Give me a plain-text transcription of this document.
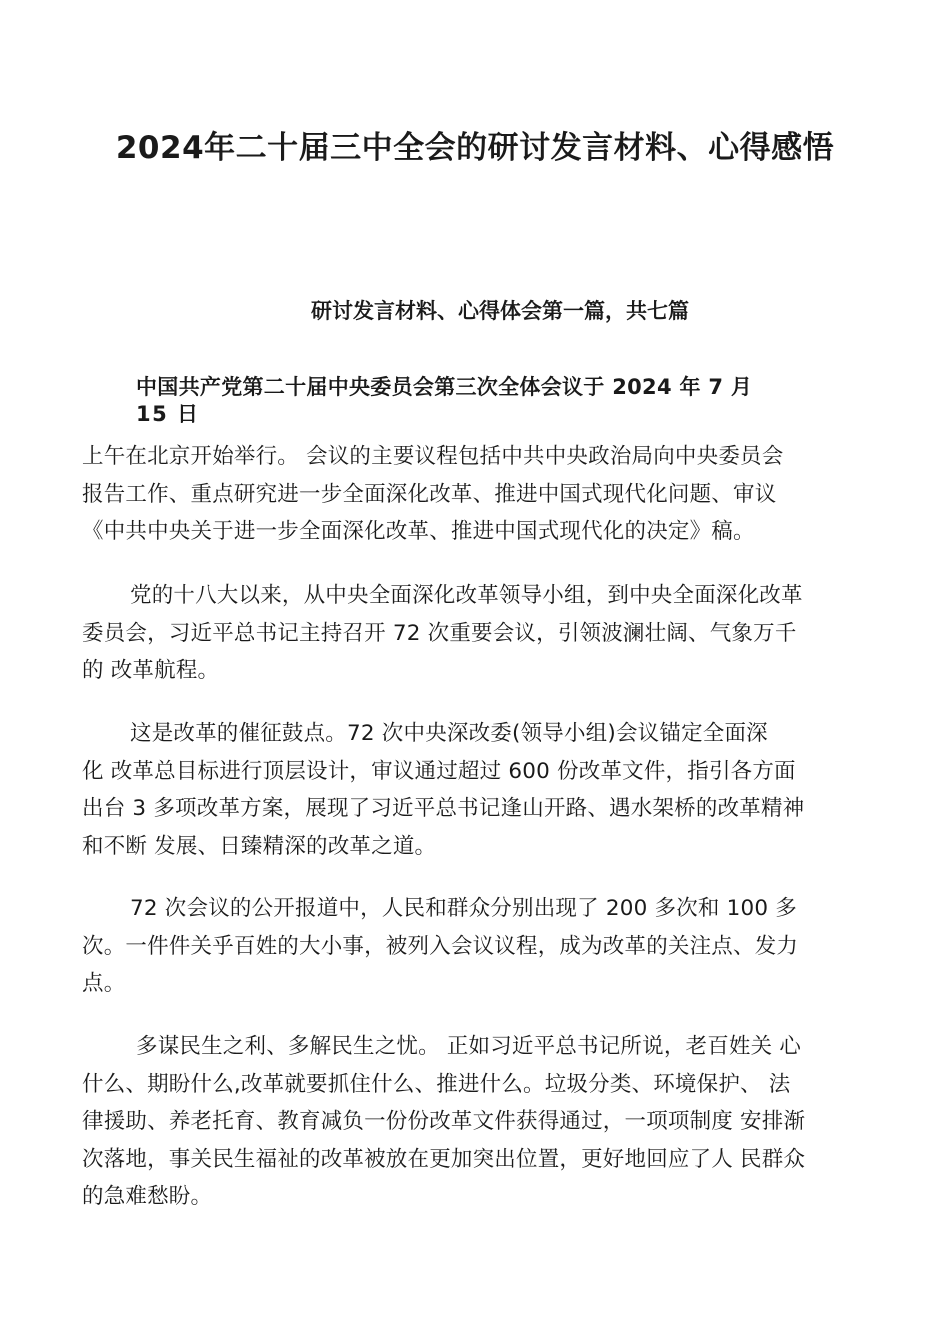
2024年二十届三中全会的研讨发言材料、心得感悟
研讨发言材料、心得体会第一篇，共七篇
中国共产党第二十届中央委员会第三次全体会议于 2024 年 7 月
15 日

上午在北京开始举行。 会议的主要议程包括中共中央政治局向中央委员会
报告工作、重点研究进一步全面深化改革、推进中国式现代化问题、审议
《中共中央关于进一步全面深化改革、推进中国式现代化的决定》稿。

党的十八大以来，从中央全面深化改革领导小组，到中央全面深化改革
委员会，习近平总书记主持召开 72 次重要会议，引领波澜壮阔、气象万千
的 改革航程。

这是改革的催征鼓点。72 次中央深改委(领导小组)会议锚定全面深
化 改革总目标进行顶层设计，审议通过超过 600 份改革文件，指引各方面
出台 3 多项改革方案，展现了习近平总书记逢山开路、遇水架桥的改革精神
和不断 发展、日臻精深的改革之道。

72 次会议的公开报道中，人民和群众分别出现了 200 多次和 100 多
次。一件件关乎百姓的大小事，被列入会议议程，成为改革的关注点、发力
点。

多谋民生之利、多解民生之忧。 正如习近平总书记所说，老百姓关 心
什么、期盼什么,改革就要抓住什么、推进什么。垃圾分类、环境保护、 法
律援助、养老托育、教育减负一份份改革文件获得通过，一项项制度 安排渐
次落地，事关民生福祉的改革被放在更加突出位置，更好地回应了人 民群众
的急难愁盼。
